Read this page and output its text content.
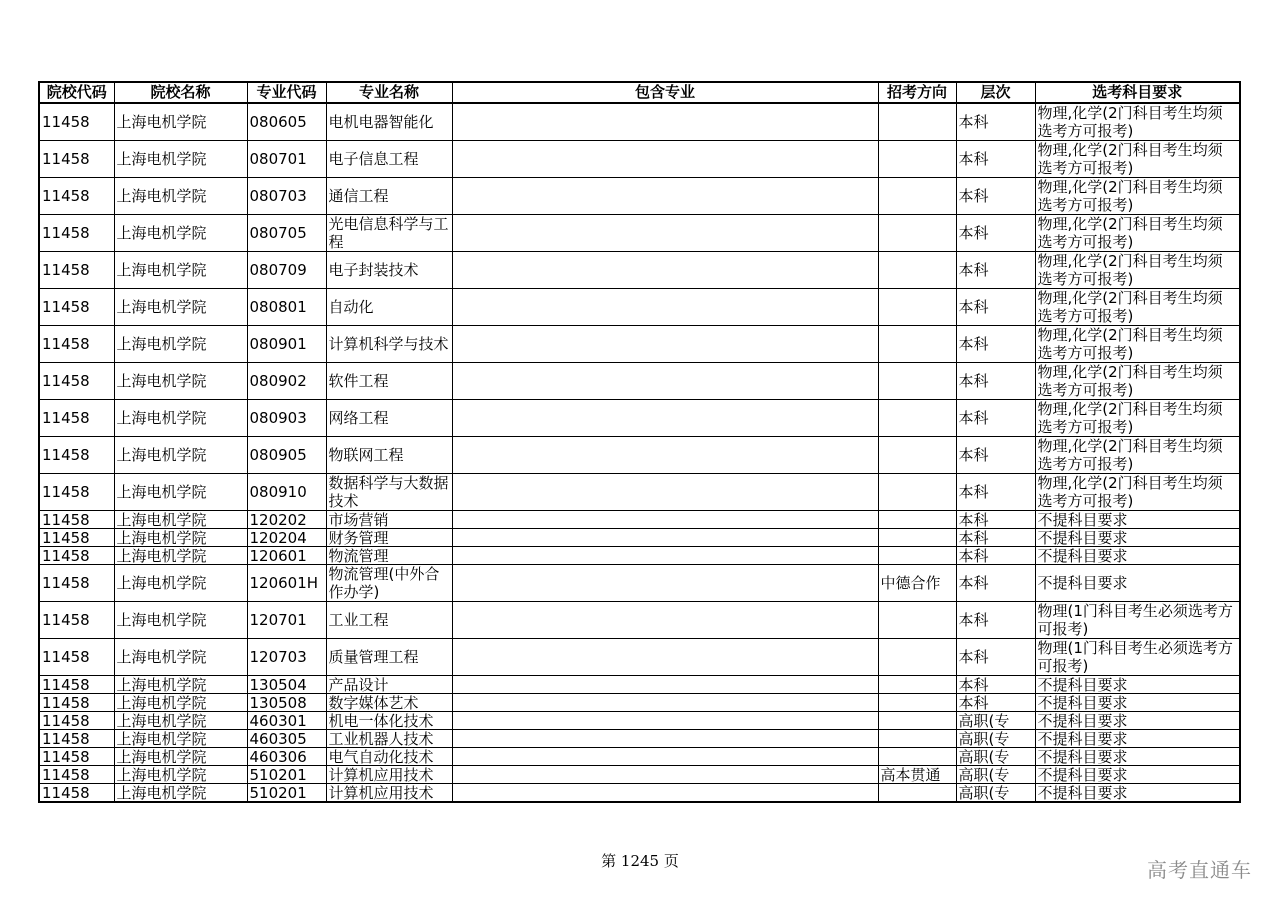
院校代码	院校名称	专业代码	专业名称	包含专业	招考方向	层次	选考科目要求
11458	上海电机学院	080605	电机电器智能化			本科	物理,化学(2门科目考生均须选考方可报考)
11458	上海电机学院	080701	电子信息工程			本科	物理,化学(2门科目考生均须选考方可报考)
11458	上海电机学院	080703	通信工程			本科	物理,化学(2门科目考生均须选考方可报考)
11458	上海电机学院	080705	光电信息科学与工程			本科	物理,化学(2门科目考生均须选考方可报考)
11458	上海电机学院	080709	电子封装技术			本科	物理,化学(2门科目考生均须选考方可报考)
11458	上海电机学院	080801	自动化			本科	物理,化学(2门科目考生均须选考方可报考)
11458	上海电机学院	080901	计算机科学与技术			本科	物理,化学(2门科目考生均须选考方可报考)
11458	上海电机学院	080902	软件工程			本科	物理,化学(2门科目考生均须选考方可报考)
11458	上海电机学院	080903	网络工程			本科	物理,化学(2门科目考生均须选考方可报考)
11458	上海电机学院	080905	物联网工程			本科	物理,化学(2门科目考生均须选考方可报考)
11458	上海电机学院	080910	数据科学与大数据技术			本科	物理,化学(2门科目考生均须选考方可报考)
11458	上海电机学院	120202	市场营销			本科	不提科目要求
11458	上海电机学院	120204	财务管理			本科	不提科目要求
11458	上海电机学院	120601	物流管理			本科	不提科目要求
11458	上海电机学院	120601H	物流管理(中外合作办学)		中德合作	本科	不提科目要求
11458	上海电机学院	120701	工业工程			本科	物理(1门科目考生必须选考方可报考)
11458	上海电机学院	120703	质量管理工程			本科	物理(1门科目考生必须选考方可报考)
11458	上海电机学院	130504	产品设计			本科	不提科目要求
11458	上海电机学院	130508	数字媒体艺术			本科	不提科目要求
11458	上海电机学院	460301	机电一体化技术			高职(专	不提科目要求
11458	上海电机学院	460305	工业机器人技术			高职(专	不提科目要求
11458	上海电机学院	460306	电气自动化技术			高职(专	不提科目要求
11458	上海电机学院	510201	计算机应用技术		高本贯通	高职(专	不提科目要求
11458	上海电机学院	510201	计算机应用技术			高职(专	不提科目要求
第 1245 页	高考直通车
